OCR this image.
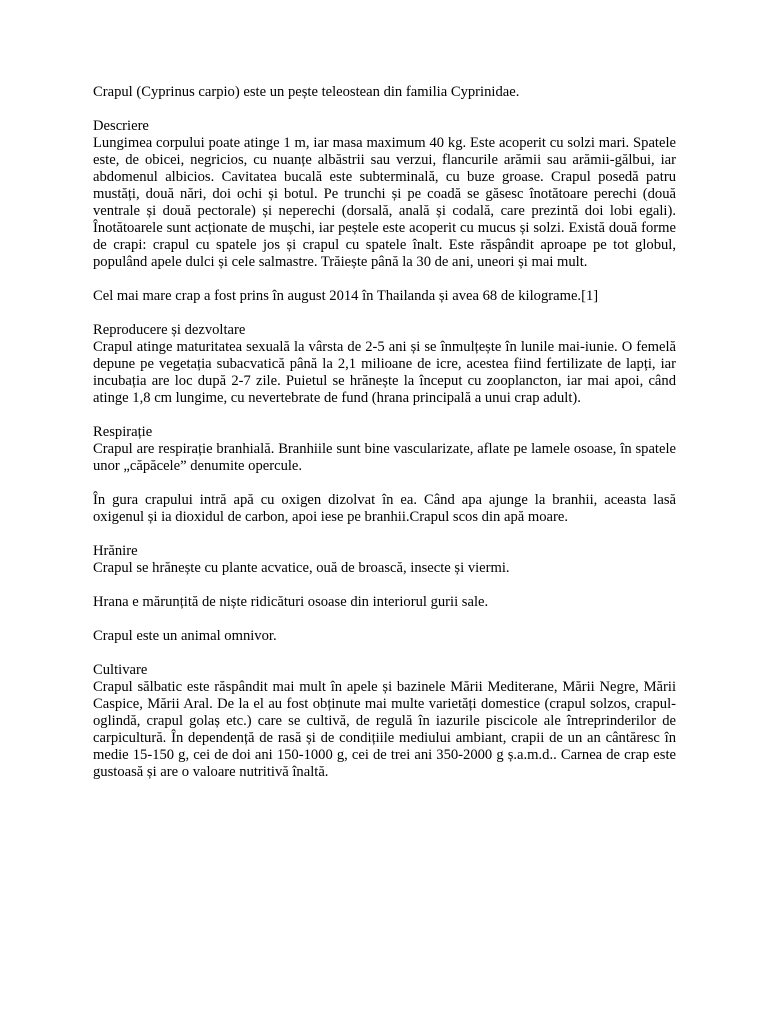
Crapul (Cyprinus carpio) este un pește teleostean din familia Cyprinidae.

Descriere

Lungimea corpului poate atinge 1 m, iar masa maximum 40 kg. Este acoperit cu solzi mari. Spatele este, de obicei, negricios, cu nuanțe albăstrii sau verzui, flancurile arămii sau arămii-gălbui, iar abdomenul albicios. Cavitatea bucală este subterminală, cu buze groase. Crapul posedă patru mustăți, două nări, doi ochi și botul. Pe trunchi și pe coadă se găsesc înotătoare perechi (două ventrale și două pectorale) și neperechi (dorsală, anală și codală, care prezintă doi lobi egali). Înotătoarele sunt acționate de mușchi, iar peștele este acoperit cu mucus și solzi. Există două forme de crapi: crapul cu spatele jos și crapul cu spatele înalt. Este răspândit aproape pe tot globul, populând apele dulci și cele salmastre. Trăiește până la 30 de ani, uneori și mai mult.

Cel mai mare crap a fost prins în august 2014 în Thailanda și avea 68 de kilograme.[1]

Reproducere și dezvoltare

Crapul atinge maturitatea sexuală la vârsta de 2-5 ani și se înmulțește în lunile mai-iunie. O femelă depune pe vegetația subacvatică până la 2,1 milioane de icre, acestea fiind fertilizate de lapți, iar incubația are loc după 2-7 zile. Puietul se hrănește la început cu zooplancton, iar mai apoi, când atinge 1,8 cm lungime, cu nevertebrate de fund (hrana principală a unui crap adult).

Respirație

Crapul are respirație branhială. Branhiile sunt bine vascularizate, aflate pe lamele osoase, în spatele unor „căpăcele” denumite opercule.

În gura crapului intră apă cu oxigen dizolvat în ea. Când apa ajunge la branhii, aceasta lasă oxigenul și ia dioxidul de carbon, apoi iese pe branhii.Crapul scos din apă moare.

Hrănire

Crapul se hrănește cu plante acvatice, ouă de broască, insecte și viermi.

Hrana e mărunțită de niște ridicături osoase din interiorul gurii sale.

Crapul este un animal omnivor.

Cultivare

Crapul sălbatic este răspândit mai mult în apele și bazinele Mării Mediterane, Mării Negre, Mării Caspice, Mării Aral. De la el au fost obținute mai multe varietăți domestice (crapul solzos, crapul-oglindă, crapul golaș etc.) care se cultivă, de regulă în iazurile piscicole ale întreprinderilor de carpicultură. În dependență de rasă și de condițiile mediului ambiant, crapii de un an cântăresc în medie 15-150 g, cei de doi ani 150-1000 g, cei de trei ani 350-2000 g ș.a.m.d.. Carnea de crap este gustoasă și are o valoare nutritivă înaltă.
